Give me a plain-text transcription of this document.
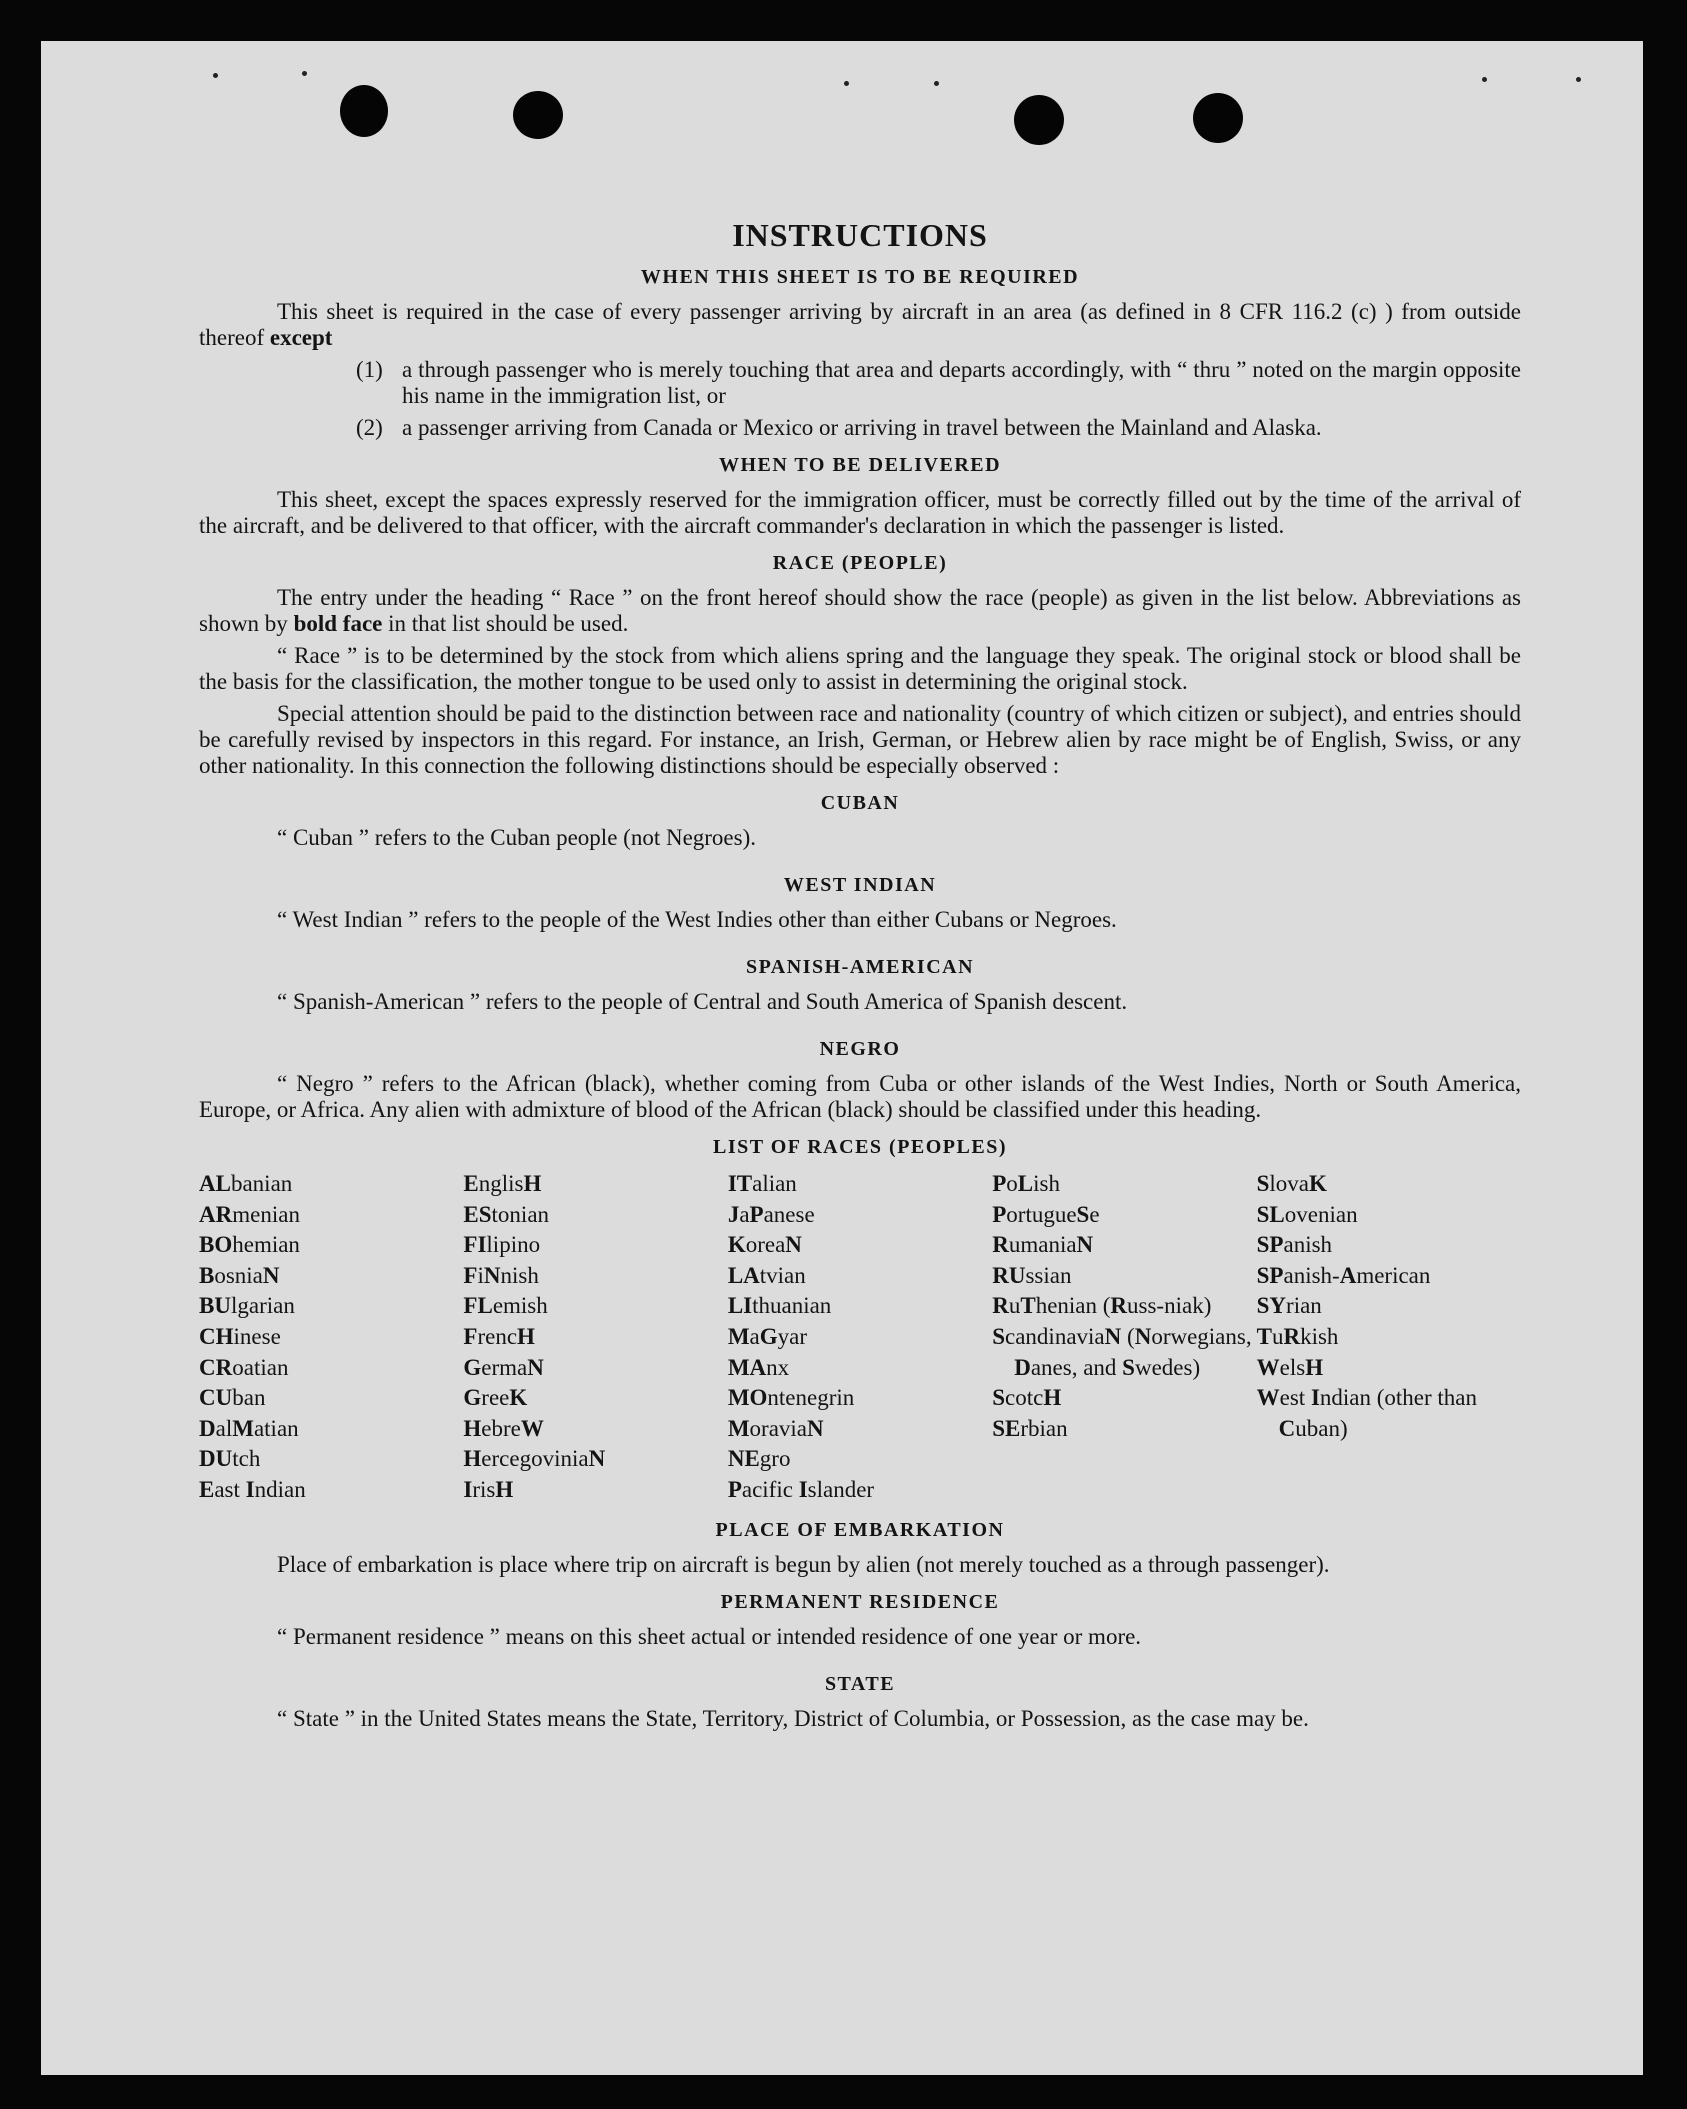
INSTRUCTIONS
WHEN THIS SHEET IS TO BE REQUIRED

This sheet is required in the case of every passenger arriving by aircraft in an area (as defined in 8 CFR 116.2 (c) ) from outside thereof except

(1) a through passenger who is merely touching that area and departs accordingly, with “ thru ” noted on the margin opposite his name in the immigration list, or
(2) a passenger arriving from Canada or Mexico or arriving in travel between the Mainland and Alaska.
WHEN TO BE DELIVERED

This sheet, except the spaces expressly reserved for the immigration officer, must be correctly filled out by the time of the arrival of the aircraft, and be delivered to that officer, with the aircraft commander's declaration in which the passenger is listed.

RACE (PEOPLE)

The entry under the heading “ Race ” on the front hereof should show the race (people) as given in the list below. Abbreviations as shown by bold face in that list should be used.

“ Race ” is to be determined by the stock from which aliens spring and the language they speak. The original stock or blood shall be the basis for the classification, the mother tongue to be used only to assist in determining the original stock.

Special attention should be paid to the distinction between race and nationality (country of which citizen or subject), and entries should be carefully revised by inspectors in this regard. For instance, an Irish, German, or Hebrew alien by race might be of English, Swiss, or any other nationality. In this connection the following distinctions should be especially observed :

CUBAN

“ Cuban ” refers to the Cuban people (not Negroes).

WEST INDIAN

“ West Indian ” refers to the people of the West Indies other than either Cubans or Negroes.

SPANISH-AMERICAN

“ Spanish-American ” refers to the people of Central and South America of Spanish descent.

NEGRO

“ Negro ” refers to the African (black), whether coming from Cuba or other islands of the West Indies, North or South America, Europe, or Africa. Any alien with admixture of blood of the African (black) should be classified under this heading.

LIST OF RACES (PEOPLES)
ALbanian
ARmenian
BOhemian
BosniaN
BUlgarian
CHinese
CRoatian
CUban
DalMatian
DUtch
East Indian
EnglisH
EStonian
FIlipino
FiNnish
FLemish
FrencH
GermaN
GreeK
HebreW
HercegoviniaN
IrisH
ITalian
JaPanese
KoreaN
LAtvian
LIthuanian
MaGyar
MAnx
MOntenegrin
MoraviaN
NEgro
Pacific Islander
PoLish
PortugueSe
RumaniaN
RUssian
RuThenian (Russ-niak)
ScandinaviaN (Norwegians, Danes, and Swedes)
ScotcH
SErbian
SlovaK
SLovenian
SPanish
SPanish-American
SYrian
TuRkish
WelsH
West Indian (other than Cuban)
PLACE OF EMBARKATION

Place of embarkation is place where trip on aircraft is begun by alien (not merely touched as a through passenger).

PERMANENT RESIDENCE

“ Permanent residence ” means on this sheet actual or intended residence of one year or more.

STATE

“ State ” in the United States means the State, Territory, District of Columbia, or Possession, as the case may be.
